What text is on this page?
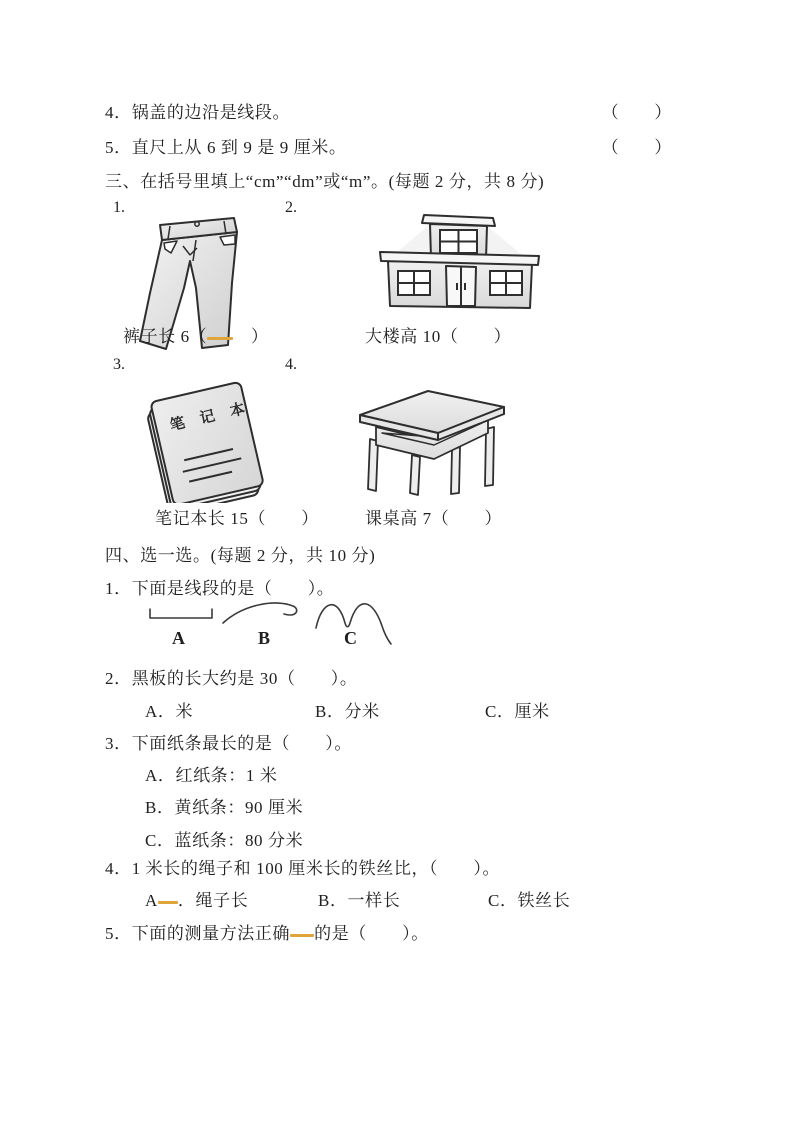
4．锅盖的边沿是线段。	（　　）
5．直尺上从 6 到 9 是 9 厘米。	（　　）
三、在括号里填上“cm”“dm”或“m”。(每题 2 分，共 8 分)
1.	2.
裤子长 6（　）	大楼高 10（　　）
3.	4.
笔 记 本
笔记本长 15（　　）	课桌高 7（　　）
四、选一选。(每题 2 分，共 10 分)
1．下面是线段的是（　　）。
A	B	C
2．黑板的长大约是 30（　　）。
A．米	B．分米	C．厘米
3．下面纸条最长的是（　　）。
A．红纸条：1 米
B．黄纸条：90 厘米
C．蓝纸条：80 分米
4．1 米长的绳子和 100 厘米长的铁丝比，（　　）。
A ．绳子长	B．一样长	C．铁丝长
5．下面的测量方法正确 的是（　　）。
